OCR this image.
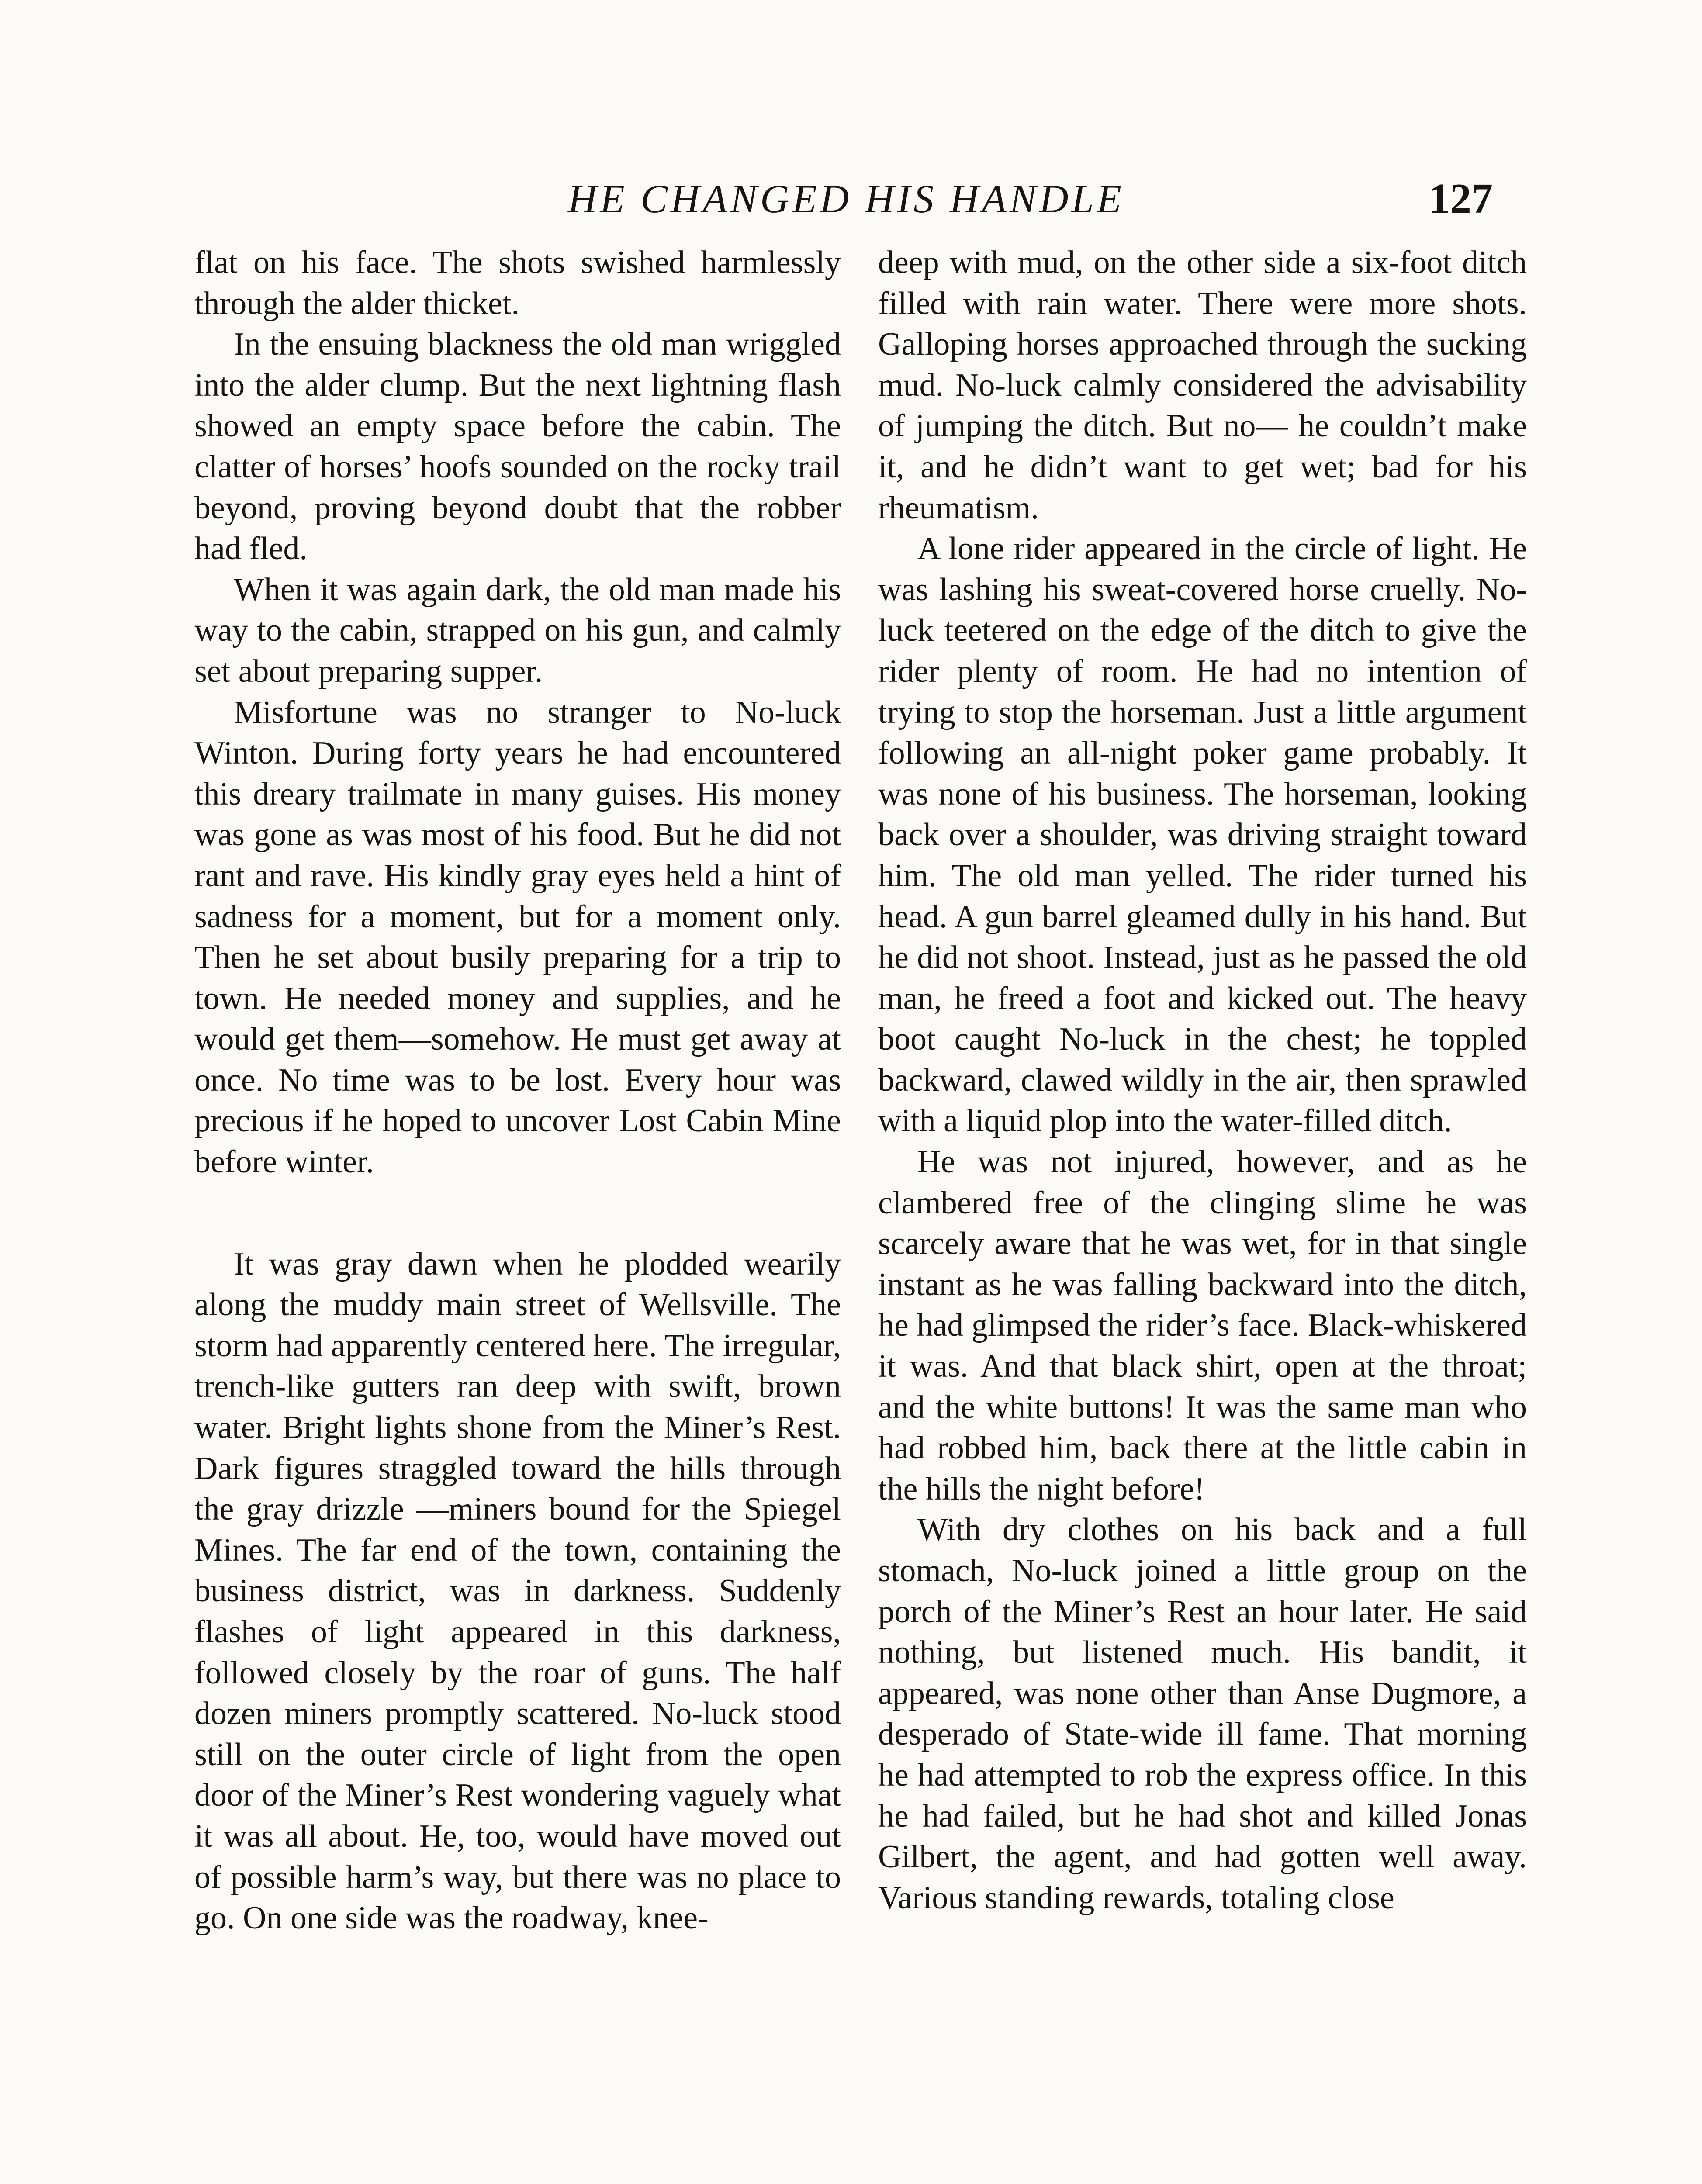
HE CHANGED HIS HANDLE	127

flat on his face. The shots swished harmlessly through the alder thicket.

In the ensuing blackness the old man wriggled into the alder clump. But the next lightning flash showed an empty space before the cabin. The clatter of horses’ hoofs sounded on the rocky trail beyond, proving beyond doubt that the robber had fled.

When it was again dark, the old man made his way to the cabin, strapped on his gun, and calmly set about preparing supper.

Misfortune was no stranger to No-luck Winton. During forty years he had encountered this dreary trailmate in many guises. His money was gone as was most of his food. But he did not rant and rave. His kindly gray eyes held a hint of sadness for a moment, but for a moment only. Then he set about busily preparing for a trip to town. He needed money and supplies, and he would get them—somehow. He must get away at once. No time was to be lost. Every hour was precious if he hoped to uncover Lost Cabin Mine before winter.

It was gray dawn when he plodded wearily along the muddy main street of Wellsville. The storm had apparently centered here. The irregular, trench-like gutters ran deep with swift, brown water. Bright lights shone from the Miner’s Rest. Dark figures straggled toward the hills through the gray drizzle —miners bound for the Spiegel Mines. The far end of the town, containing the business district, was in darkness. Suddenly flashes of light appeared in this darkness, followed closely by the roar of guns. The half dozen miners promptly scattered. No-luck stood still on the outer circle of light from the open door of the Miner’s Rest wondering vaguely what it was all about. He, too, would have moved out of possible harm’s way, but there was no place to go. On one side was the roadway, knee-

deep with mud, on the other side a six-foot ditch filled with rain water. There were more shots. Galloping horses approached through the sucking mud. No-luck calmly considered the advisability of jumping the ditch. But no— he couldn’t make it, and he didn’t want to get wet; bad for his rheumatism.

A lone rider appeared in the circle of light. He was lashing his sweat-covered horse cruelly. No-luck teetered on the edge of the ditch to give the rider plenty of room. He had no intention of trying to stop the horseman. Just a little argument following an all-night poker game probably. It was none of his business. The horseman, looking back over a shoulder, was driving straight toward him. The old man yelled. The rider turned his head. A gun barrel gleamed dully in his hand. But he did not shoot. Instead, just as he passed the old man, he freed a foot and kicked out. The heavy boot caught No-luck in the chest; he toppled backward, clawed wildly in the air, then sprawled with a liquid plop into the water-filled ditch.

He was not injured, however, and as he clambered free of the clinging slime he was scarcely aware that he was wet, for in that single instant as he was falling backward into the ditch, he had glimpsed the rider’s face. Black-whiskered it was. And that black shirt, open at the throat; and the white buttons! It was the same man who had robbed him, back there at the little cabin in the hills the night before!

With dry clothes on his back and a full stomach, No-luck joined a little group on the porch of the Miner’s Rest an hour later. He said nothing, but listened much. His bandit, it appeared, was none other than Anse Dugmore, a desperado of State-wide ill fame. That morning he had attempted to rob the express office. In this he had failed, but he had shot and killed Jonas Gilbert, the agent, and had gotten well away. Various standing rewards, totaling close
